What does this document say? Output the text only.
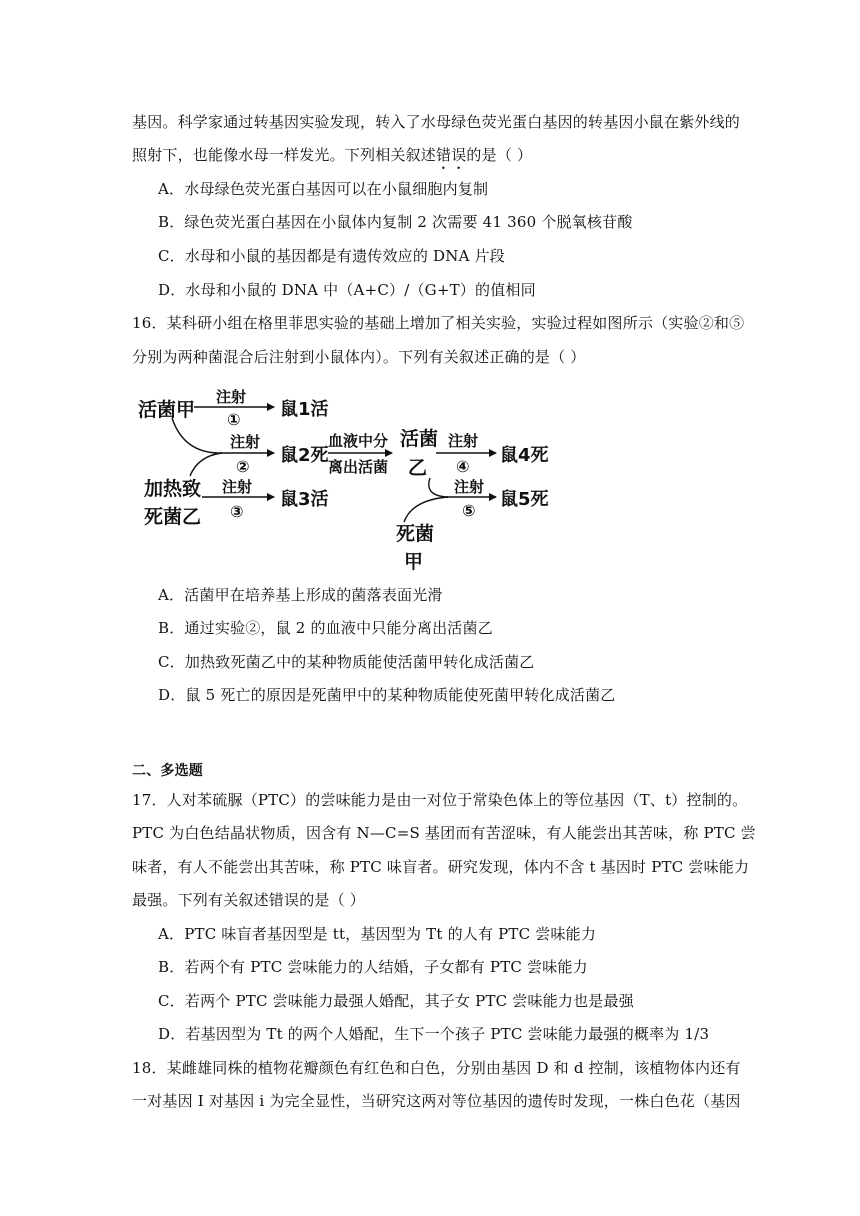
基因。科学家通过转基因实验发现，转入了水母绿色荧光蛋白基因的转基因小鼠在紫外线的
照射下，也能像水母一样发光。下列相关叙述错误的是（ ）
A．水母绿色荧光蛋白基因可以在小鼠细胞内复制
B．绿色荧光蛋白基因在小鼠体内复制 2 次需要 41 360 个脱氧核苷酸
C．水母和小鼠的基因都是有遗传效应的 DNA 片段
D．水母和小鼠的 DNA 中（A+C）/（G+T）的值相同
16．某科研小组在格里菲思实验的基础上增加了相关实验，实验过程如图所示（实验②和⑤
分别为两种菌混合后注射到小鼠体内）。下列有关叙述正确的是（ ）
活菌甲
加热致
死菌乙
注射
① 鼠1活
注射
②
鼠2死
注射
③
鼠3活
血液中分
离出活菌
活菌
乙
注射
④
鼠4死
注射
⑤
鼠5死
死菌
甲
A．活菌甲在培养基上形成的菌落表面光滑
B．通过实验②，鼠 2 的血液中只能分离出活菌乙
C．加热致死菌乙中的某种物质能使活菌甲转化成活菌乙
D．鼠 5 死亡的原因是死菌甲中的某种物质能使死菌甲转化成活菌乙
二、多选题
17．人对苯硫脲（PTC）的尝味能力是由一对位于常染色体上的等位基因（T、t）控制的。
PTC 为白色结晶状物质，因含有 N—C=S 基团而有苦涩味，有人能尝出其苦味，称 PTC 尝
味者，有人不能尝出其苦味，称 PTC 味盲者。研究发现，体内不含 t 基因时 PTC 尝味能力
最强。下列有关叙述错误的是（ ）
A．PTC 味盲者基因型是 tt，基因型为 Tt 的人有 PTC 尝味能力
B．若两个有 PTC 尝味能力的人结婚，子女都有 PTC 尝味能力
C．若两个 PTC 尝味能力最强人婚配，其子女 PTC 尝味能力也是最强
D．若基因型为 Tt 的两个人婚配，生下一个孩子 PTC 尝味能力最强的概率为 1/3
18．某雌雄同株的植物花瓣颜色有红色和白色，分别由基因 D 和 d 控制，该植物体内还有
一对基因 I 对基因 i 为完全显性，当研究这两对等位基因的遗传时发现，一株白色花（基因
